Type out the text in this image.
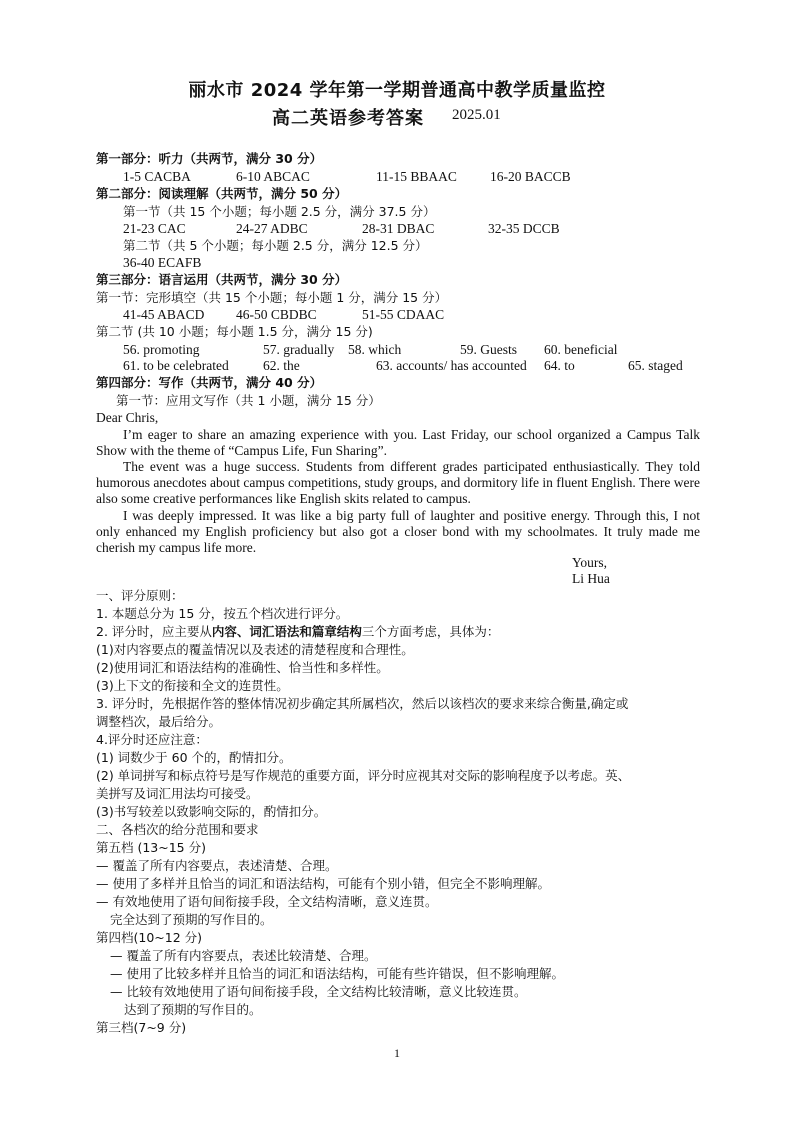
丽水市 2024 学年第一学期普通高中教学质量监控
高二英语参考答案 2025.01
第一部分：听力（共两节，满分 30 分）
1-5 CACBA	6-10 ABCAC	11-15 BBAAC 16-20 BACCB
第二部分：阅读理解（共两节，满分 50 分）
第一节（共 15 个小题；每小题 2.5 分，满分 37.5 分）
21-23 CAC	24-27 ADBC	28-31 DBAC	32-35 DCCB
第二节（共 5 个小题；每小题 2.5 分，满分 12.5 分）
36-40 ECAFB
第三部分：语言运用（共两节，满分 30 分）
第一节：完形填空（共 15 个小题；每小题 1 分，满分 15 分）
41-45 ABACD 46-50 CBDBC	51-55 CDAAC
第二节 (共 10 小题；每小题 1.5 分，满分 15 分)
56. promoting	57. gradually 58. which	59. Guests 60. beneficial
61. to be celebrated	62. the	63. accounts/ has accounted 64. to	65. staged
第四部分：写作（共两节，满分 40 分）
第一节：应用文写作（共 1 小题，满分 15 分）
Dear Chris,
I’m eager to share an amazing experience with you. Last Friday, our school organized a Campus Talk Show with the theme of “Campus Life, Fun Sharing”.
The event was a huge success. Students from different grades participated enthusiastically. They told humorous anecdotes about campus competitions, study groups, and dormitory life in fluent English. There were also some creative performances like English skits related to campus.
I was deeply impressed. It was like a big party full of laughter and positive energy. Through this, I not only enhanced my English proficiency but also got a closer bond with my schoolmates. It truly made me cherish my campus life more.
Yours,
Li Hua
一、评分原则：
1. 本题总分为 15 分，按五个档次进行评分。
2. 评分时，应主要从内容、词汇语法和篇章结构三个方面考虑，具体为：
(1)对内容要点的覆盖情况以及表述的清楚程度和合理性。
(2)使用词汇和语法结构的准确性、恰当性和多样性。
(3)上下文的衔接和全文的连贯性。
3. 评分时，先根据作答的整体情况初步确定其所属档次，然后以该档次的要求来综合衡量,确定或
调整档次，最后给分。
4.评分时还应注意：
(1) 词数少于 60 个的，酌情扣分。
(2) 单词拼写和标点符号是写作规范的重要方面，评分时应视其对交际的影响程度予以考虑。英、
美拼写及词汇用法均可接受。
(3)书写较差以致影响交际的，酌情扣分。
二、各档次的给分范围和要求
第五档 (13~15 分)
— 覆盖了所有内容要点，表述清楚、合理。
— 使用了多样并且恰当的词汇和语法结构，可能有个别小错，但完全不影响理解。
— 有效地使用了语句间衔接手段，全文结构清晰，意义连贯。
完全达到了预期的写作目的。
第四档(10~12 分)
— 覆盖了所有内容要点，表述比较清楚、合理。
— 使用了比较多样并且恰当的词汇和语法结构，可能有些许错误，但不影响理解。
— 比较有效地使用了语句间衔接手段，全文结构比较清晰，意义比较连贯。
达到了预期的写作目的。
第三档(7~9 分)
1
